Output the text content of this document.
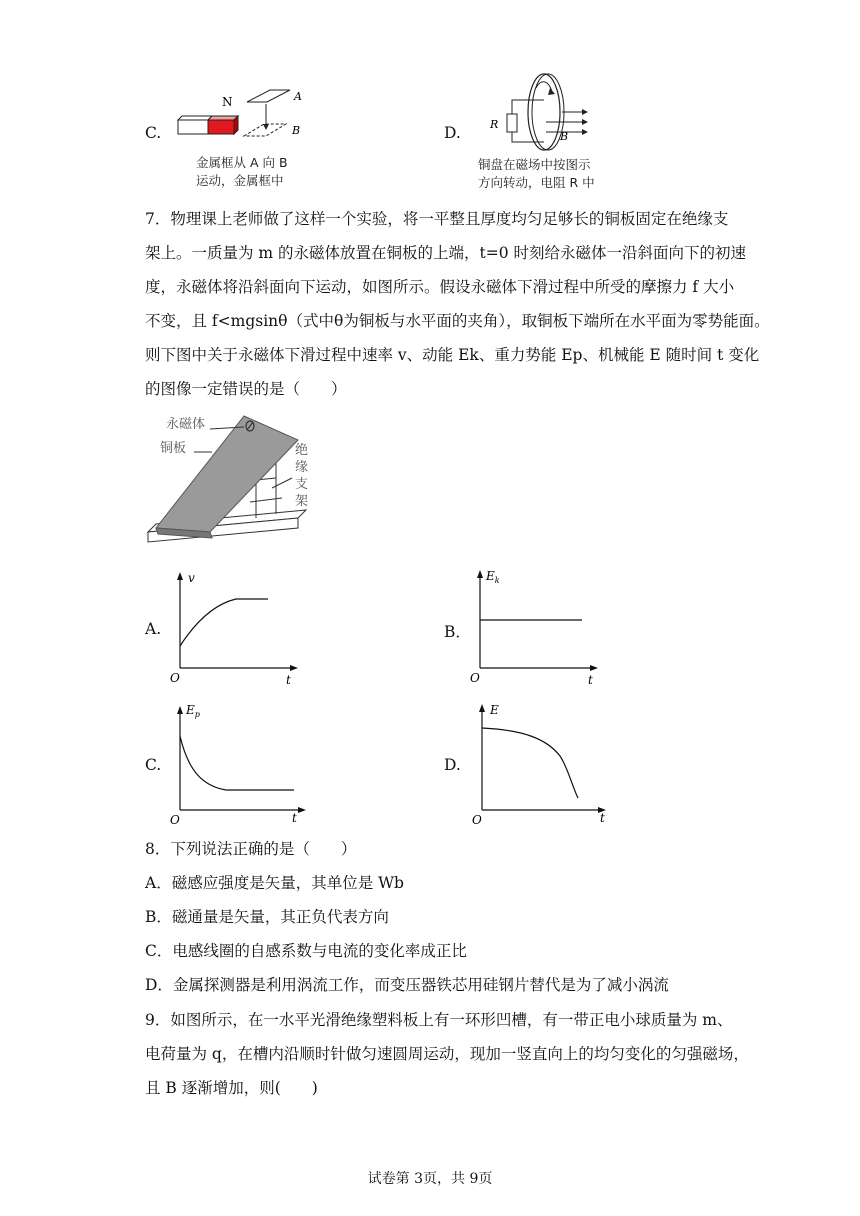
C.
N	A
B
金属框从 A 向 B
运动，金属框中
D.	R
B
铜盘在磁场中按图示
方向转动，电阻 R 中
7．物理课上老师做了这样一个实验，将一平整且厚度均匀足够长的铜板固定在绝缘支
架上。一质量为 m 的永磁体放置在铜板的上端，t=0 时刻给永磁体一沿斜面向下的初速
度，永磁体将沿斜面向下运动，如图所示。假设永磁体下滑过程中所受的摩擦力 f 大小
不变，且 f<mgsinθ（式中θ为铜板与水平面的夹角），取铜板下端所在水平面为零势能面。
则下图中关于永磁体下滑过程中速率 v、动能 Ek、重力势能 Ep、机械能 E 随时间 t 变化
的图像一定错误的是（　　）
永磁体
铜板	绝
缘
支
架
A.
v
t
O
B．
$E_k$
t
O
C.
$E_p$
t
O
D.
E
t
O
8．下列说法正确的是（　　）
A．磁感应强度是矢量，其单位是 Wb
B．磁通量是矢量，其正负代表方向
C．电感线圈的自感系数与电流的变化率成正比
D．金属探测器是利用涡流工作，而变压器铁芯用硅钢片替代是为了减小涡流
9．如图所示，在一水平光滑绝缘塑料板上有一环形凹槽，有一带正电小球质量为 m、
电荷量为 q，在槽内沿顺时针做匀速圆周运动，现加一竖直向上的均匀变化的匀强磁场，
且 B 逐渐增加，则(　　)
试卷第 3页，共 9页
